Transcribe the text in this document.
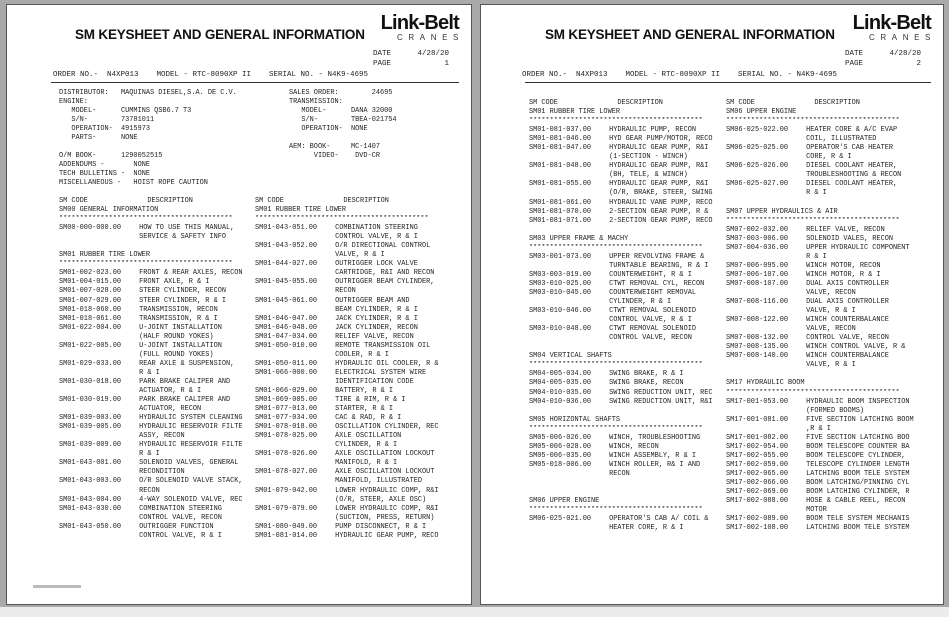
SM KEYSHEET AND GENERAL INFORMATION
Link-Belt
CRANES
DATE	4/28/20
PAGE	1
ORDER NO.-  N4XP013    MODEL - RTC-8090XP II    SERIAL NO. - N4K9-4695
DISTRIBUTOR:   MAQUINAS DIESEL,S.A. DE C.V.
ENGINE:
MODEL-      CUMMINS QSB6.7 T3
S/N-        73781011
OPERATION-  4915973
PARTS-      NONE
O/M BOOK-      1290052515
ADDENDUMS -       NONE
TECH BULLETINS -  NONE
MISCELLANEOUS -   HOIST ROPE CAUTION
SALES ORDER:        24695
TRANSMISSION:
MODEL-      DANA 32000
S/N-        TBEA-021754
OPERATION-  NONE
AEM: BOOK-     MC-1407
VIDEO-    DVD-CR
SM CODE	DESCRIPTION
SM00 GENERAL INFORMATION
******************************************
SM00-000-000.00	HOW TO USE THIS MANUAL,
SERVICE & SAFETY INFO
SM01 RUBBER TIRE LOWER
******************************************
SM01-002-023.00	FRONT & REAR AXLES, RECON
SM01-004-015.00	FRONT AXLE, R & I
SM01-007-028.00	STEER CYLINDER, RECON
SM01-007-029.00	STEER CYLINDER, R & I
SM01-018-060.00	TRANSMISSION, RECON
SM01-018-061.00	TRANSMISSION, R & I
SM01-022-004.00	U-JOINT INSTALLATION
(HALF ROUND YOKES)
SM01-022-005.00	U-JOINT INSTALLATION
(FULL ROUND YOKES)
SM01-029-033.00	REAR AXLE & SUSPENSION,
R & I
SM01-030-018.00	PARK BRAKE CALIPER AND
ACTUATOR, R & I
SM01-030-019.00	PARK BRAKE CALIPER AND
ACTUATOR, RECON
SM01-039-003.00	HYDRAULIC SYSTEM CLEANING
SM01-039-005.00	HYDRAULIC RESERVOIR FILTE
ASSY, RECON
SM01-039-009.00	HYDRAULIC RESERVOIR FILTE
R & I
SM01-043-001.00	SOLENOID VALVES, GENERAL
RECONDITION
SM01-043-003.00	O/R SOLENOID VALVE STACK,
RECON
SM01-043-004.00	4-WAY SOLENOID VALVE, REC
SM01-043-030.00	COMBINATION STEERING
CONTROL VALVE, RECON
SM01-043-050.00	OUTRIGGER FUNCTION
CONTROL VALVE, R & I
SM CODE	DESCRIPTION
SM01 RUBBER TIRE LOWER
******************************************
SM01-043-051.00	COMBINATION STEERING
CONTROL VALVE, R & I
SM01-043-052.00	O/R DIRECTIONAL CONTROL
VALVE, R & I
SM01-044-027.00	OUTRIGGER LOCK VALVE
CARTRIDGE, R&I AND RECON
SM01-045-055.00	OUTRIGGER BEAM CYLINDER,
RECON
SM01-045-061.00	OUTRIGGER BEAM AND
BEAM CYLINDER, R & I
SM01-046-047.00	JACK CYLINDER, R & I
SM01-046-048.00	JACK CYLINDER, RECON
SM01-047-034.00	RELIEF VALVE, RECON
SM01-050-010.00	REMOTE TRANSMISSION OIL
COOLER, R & I
SM01-050-011.00	HYDRAULIC OIL COOLER, R &
SM01-066-000.00	ELECTRICAL SYSTEM WIRE
IDENTIFICATION CODE
SM01-066-029.00	BATTERY, R & I
SM01-069-005.00	TIRE & RIM, R & I
SM01-077-013.00	STARTER, R & I
SM01-077-034.00	CAC & RAD, R & I
SM01-078-018.00	OSCILLATION CYLINDER, REC
SM01-078-025.00	AXLE OSCILLATION
CYLINDER, R & I
SM01-078-026.00	AXLE OSCILLATION LOCKOUT
MANIFOLD, R & I
SM01-078-027.00	AXLE OSCILLATION LOCKOUT
MANIFOLD, ILLUSTRATED
SM01-079-042.00	LOWER HYDRAULIC COMP, R&I
(O/R, STEER, AXLE OSC)
SM01-079-079.00	LOWER HYDRAULIC COMP, R&I
(SUCTION, PRESS, RETURN)
SM01-080-049.00	PUMP DISCONNECT, R & I
SM01-081-014.00	HYDRAULIC GEAR PUMP, RECO
SM KEYSHEET AND GENERAL INFORMATION
Link-Belt
CRANES
DATE	4/28/20
PAGE	2
ORDER NO.-  N4XP013    MODEL - RTC-8090XP II    SERIAL NO. - N4K9-4695
SM CODE	DESCRIPTION
SM01 RUBBER TIRE LOWER
******************************************
SM01-081-037.00	HYDRAULIC PUMP, RECON
SM01-081-046.00	HYD GEAR PUMP/MOTOR, RECO
SM01-081-047.00	HYDRAULIC GEAR PUMP, R&I
(1-SECTION - WINCH)
SM01-081-048.00	HYDRAULIC GEAR PUMP, R&I
(BH, TELE, & WINCH)
SM01-081-055.00	HYDRAULIC GEAR PUMP, R&I
(O/R, BRAKE, STEER, SWING
SM01-081-061.00	HYDRAULIC VANE PUMP, RECO
SM01-081-070.00	2-SECTION GEAR PUMP, R &
SM01-081-071.00	2-SECTION GEAR PUMP, RECO
SM03 UPPER FRAME & MACHY
******************************************
SM03-001-073.00	UPPER REVOLVING FRAME &
TURNTABLE BEARING, R & I
SM03-003-019.00	COUNTERWEIGHT, R & I
SM03-010-025.00	CTWT REMOVAL CYL, RECON
SM03-010-045.00	COUNTERWEIGHT REMOVAL
CYLINDER, R & I
SM03-010-046.00	CTWT REMOVAL SOLENOID
CONTROL VALVE, R & I
SM03-010-048.00	CTWT REMOVAL SOLENOID
CONTROL VALVE, RECON
SM04 VERTICAL SHAFTS
******************************************
SM04-005-034.00	SWING BRAKE, R & I
SM04-005-035.00	SWING BRAKE, RECON
SM04-010-035.00	SWING REDUCTION UNIT, REC
SM04-010-036.00	SWING REDUCTION UNIT, R&I
SM05 HORIZONTAL SHAFTS
******************************************
SM05-006-026.00	WINCH, TROUBLESHOOTING
SM05-006-028.00	WINCH, RECON
SM05-006-035.00	WINCH ASSEMBLY, R & I
SM05-018-006.00	WINCH ROLLER, R& I AND
RECON
SM06 UPPER ENGINE
******************************************
SM06-025-021.00	OPERATOR'S CAB A/ COIL &
HEATER CORE, R & I
SM CODE	DESCRIPTION
SM06 UPPER ENGINE
******************************************
SM06-025-022.00	HEATER CORE & A/C EVAP
COIL, ILLUSTRATED
SM06-025-025.00	OPERATOR'S CAB HEATER
CORE, R & I
SM06-025-026.00	DIESEL COOLANT HEATER,
TROUBLESHOOTING & RECON
SM06-025-027.00	DIESEL COOLANT HEATER,
R & I
SM07 UPPER HYDRAULICS & AIR
******************************************
SM07-002-032.00	RELIEF VALVE, RECON
SM07-003-006.00	SOLENOID VALES, RECON
SM07-004-036.00	UPPER HYDRAULIC COMPONENT
R & I
SM07-006-095.00	WINCH MOTOR, RECON
SM07-006-107.00	WINCH MOTOR, R & I
SM07-008-107.00	DUAL AXIS CONTROLLER
VALVE, RECON
SM07-008-116.00	DUAL AXIS CONTROLLER
VALVE, R & I
SM07-008-122.00	WINCH COUNTERBALANCE
VALVE, RECON
SM07-008-132.00	CONTROL VALVE, RECON
SM07-008-135.00	WINCH CONTROL VALVE, R &
SM07-008-140.00	WINCH COUNTERBALANCE
VALVE, R & I
SM17 HYDRAULIC BOOM
******************************************
SM17-001-053.00	HYDRAULIC BOOM INSPECTION
(FORMED BOOMS)
SM17-001-081.00	FIVE SECTION LATCHING BOOM
,R & I
SM17-001-082.00	FIVE SECTION LATCHING BOO
SM17-002-054.00	BOOM TELESCOPE COUNTER BA
SM17-002-055.00	BOOM TELESCOPE CYLINDER,
SM17-002-059.00	TELESCOPE CYLINDER LENGTH
SM17-002-065.00	LATCHING BOOM TELE SYSTEM
SM17-002-066.00	BOOM LATCHING/PINNING CYL
SM17-002-069.00	BOOM LATCHING CYLINDER, R
SM17-002-088.00	HOSE & CABLE REEL, RECON
MOTOR
SM17-002-089.00	BOOM TELE SYSTEM MECHANIS
SM17-002-108.00	LATCHING BOOM TELE SYSTEM
